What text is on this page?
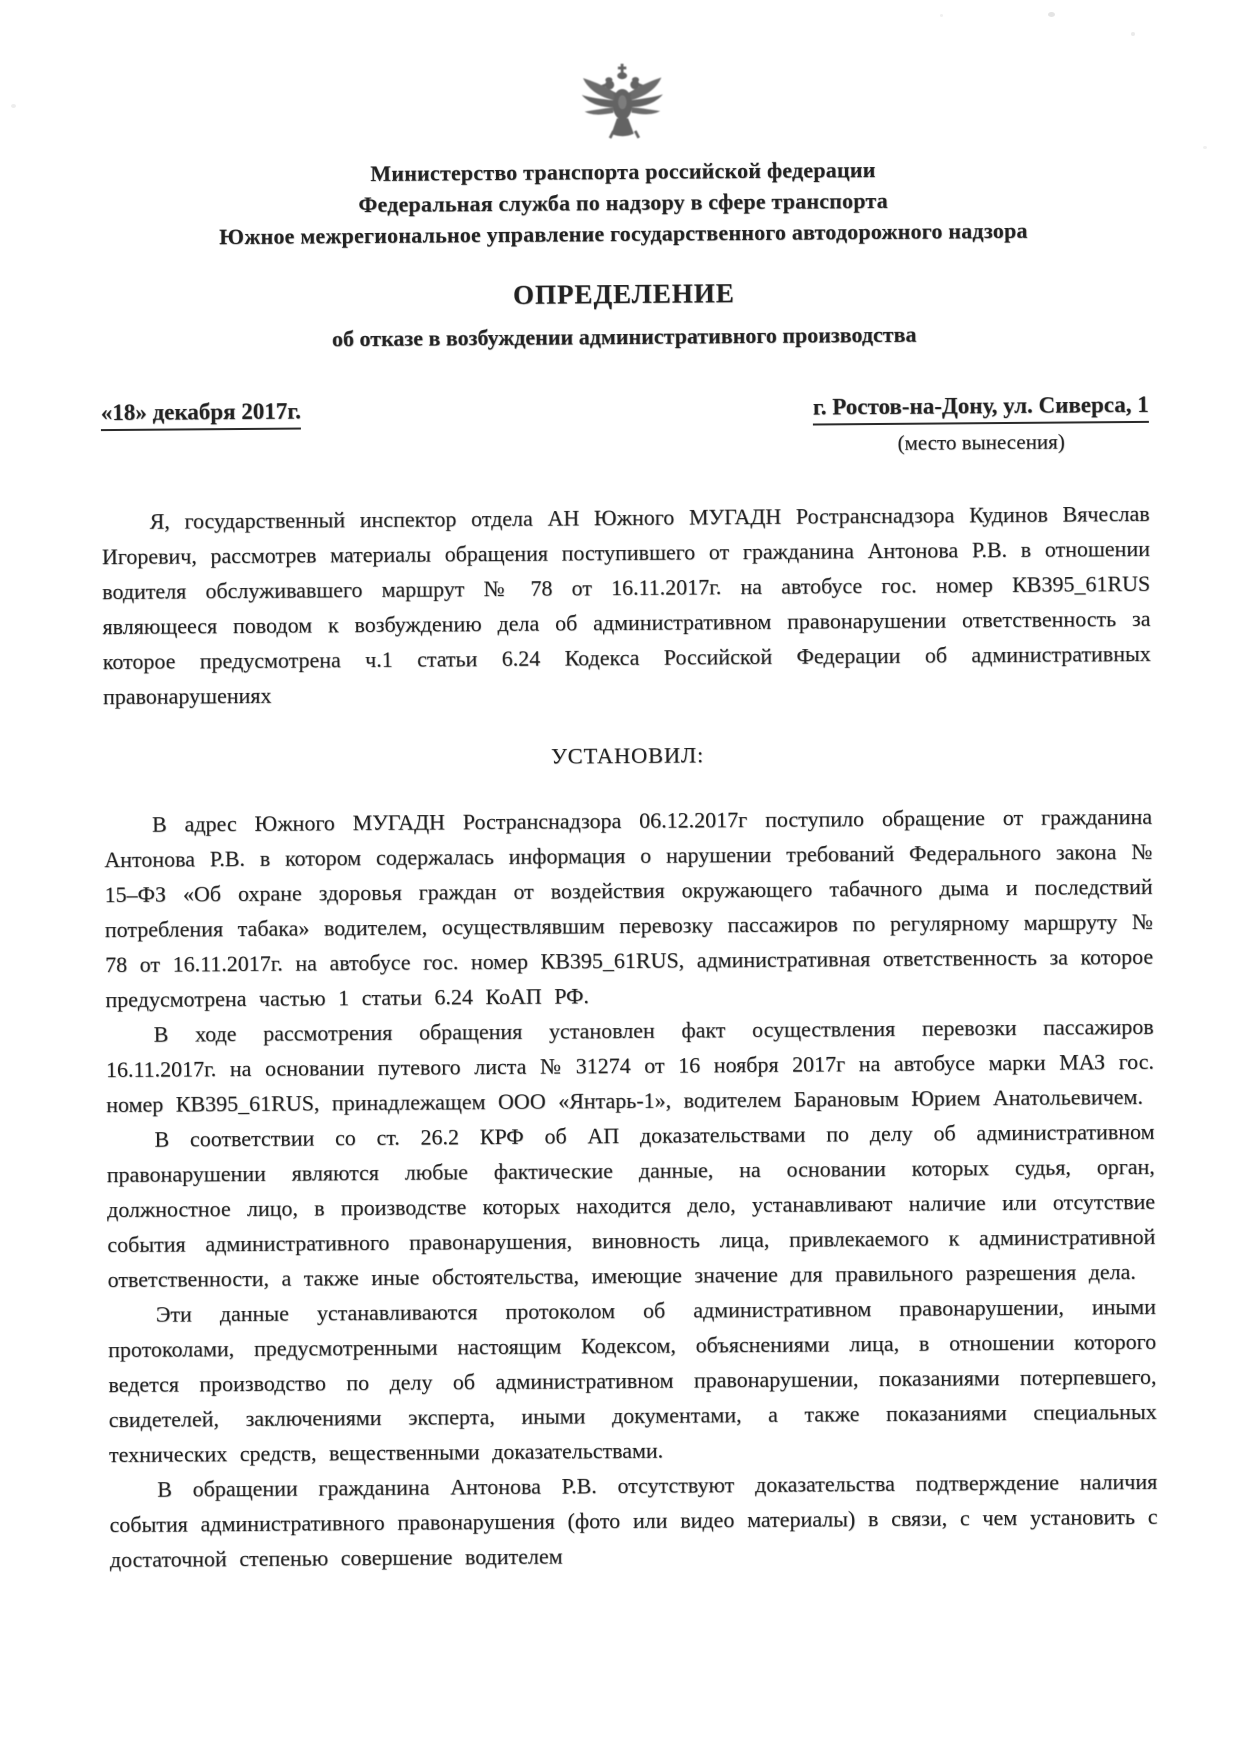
Министерство транспорта российской федерации
Федеральная служба по надзору в сфере транспорта
Южное межрегиональное управление государственного автодорожного надзора
ОПРЕДЕЛЕНИЕ
об отказе в возбуждении административного производства
«18» декабря 2017г.	г. Ростов-на-Дону, ул. Сиверса, 1
(место вынесения)

Я, государственный инспектор отдела АН Южного МУГАДН Ространснадзора Кудинов Вячеслав Игоревич, рассмотрев материалы обращения поступившего от гражданина Антонова Р.В. в отношении водителя обслуживавшего маршрут № 78 от 16.11.2017г. на автобусе гос. номер КВ395_61RUS являющееся поводом к возбуждению дела об административном правонарушении ответственность за которое предусмотрена ч.1 статьи 6.24 Кодекса Российской Федерации об административных правонарушениях

УСТАНОВИЛ:

В адрес Южного МУГАДН Ространснадзора 06.12.2017г поступило обращение от гражданина Антонова Р.В. в котором содержалась информация о нарушении требований Федерального закона № 15–ФЗ «Об охране здоровья граждан от воздействия окружающего табачного дыма и последствий потребления табака» водителем, осуществлявшим перевозку пассажиров по регулярному маршруту № 78 от 16.11.2017г. на автобусе гос. номер КВ395_61RUS, административная ответственность за которое предусмотрена частью 1 статьи 6.24 КоАП РФ.

В ходе рассмотрения обращения установлен факт осуществления перевозки пассажиров 16.11.2017г. на основании путевого листа № 31274 от 16 ноября 2017г на автобусе марки МАЗ гос. номер КВ395_61RUS, принадлежащем ООО «Янтарь-1», водителем Барановым Юрием Анатольевичем.

В соответствии со ст. 26.2 КРФ об АП доказательствами по делу об административном правонарушении являются любые фактические данные, на основании которых судья, орган, должностное лицо, в производстве которых находится дело, устанавливают наличие или отсутствие события административного правонарушения, виновность лица, привлекаемого к административной ответственности, а также иные обстоятельства, имеющие значение для правильного разрешения дела.

Эти данные устанавливаются протоколом об административном правонарушении, иными протоколами, предусмотренными настоящим Кодексом, объяснениями лица, в отношении которого ведется производство по делу об административном правонарушении, показаниями потерпевшего, свидетелей, заключениями эксперта, иными документами, а также показаниями специальных технических средств, вещественными доказательствами.

В обращении гражданина Антонова Р.В. отсутствуют доказательства подтверждение наличия события административного правонарушения (фото или видео материалы) в связи, с чем установить с достаточной степенью совершение водителем
